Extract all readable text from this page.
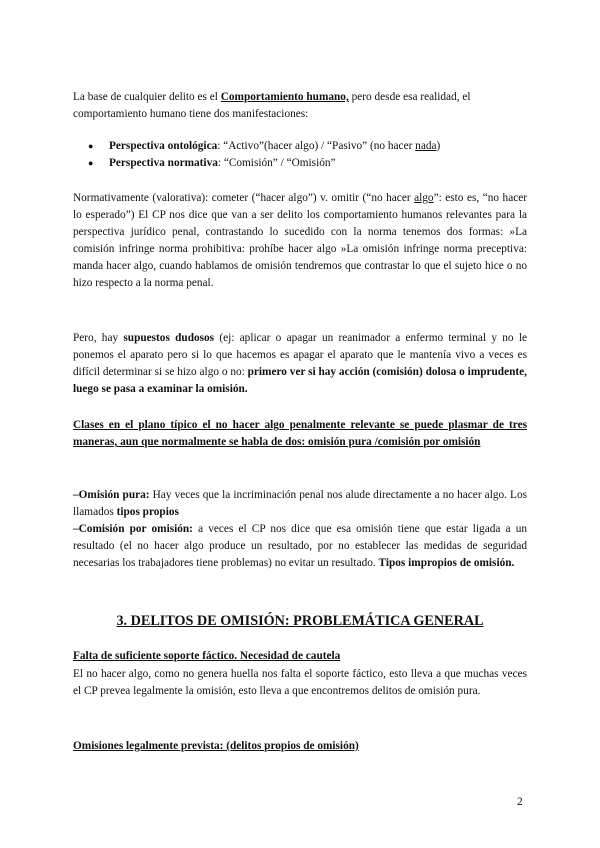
La base de cualquier delito es el Comportamiento humano, pero desde esa realidad, el comportamiento humano tiene dos manifestaciones:
● Perspectiva ontológica: “Activo”(hacer algo) / “Pasivo” (no hacer nada)
● Perspectiva normativa: “Comisión” / “Omisión”
Normativamente (valorativa): cometer (“hacer algo”) v. omitir (“no hacer algo”: esto es, “no hacer lo esperado”) El CP nos dice que van a ser delito los comportamiento humanos relevantes para la perspectiva jurídico penal, contrastando lo sucedido con la norma tenemos dos formas: »La comisión infringe norma prohibitiva: prohíbe hacer algo »La omisión infringe norma preceptiva: manda hacer algo, cuando hablamos de omisión tendremos que contrastar lo que el sujeto hice o no hizo respecto a la norma penal.
Pero, hay supuestos dudosos (ej: aplicar o apagar un reanimador a enfermo terminal y no le ponemos el aparato pero si lo que hacemos es apagar el aparato que le mantenía vivo a veces es difícil determinar si se hizo algo o no: primero ver si hay acción (comisión) dolosa o imprudente, luego se pasa a examinar la omisión.
Clases en el plano típico el no hacer algo penalmente relevante se puede plasmar de tres maneras, aun que normalmente se habla de dos: omisión pura /comisión por omisión
–Omisión pura: Hay veces que la incriminación penal nos alude directamente a no hacer algo. Los llamados tipos propios
–Comisión por omisión: a veces el CP nos dice que esa omisión tiene que estar ligada a un resultado (el no hacer algo produce un resultado, por no establecer las medidas de seguridad necesarias los trabajadores tiene problemas) no evitar un resultado. Tipos impropios de omisión.
3. DELITOS DE OMISIÓN: PROBLEMÁTICA GENERAL
Falta de suficiente soporte fáctico. Necesidad de cautela
El no hacer algo, como no genera huella nos falta el soporte fáctico, esto lleva a que muchas veces el CP prevea legalmente la omisión, esto lleva a que encontremos delitos de omisión pura.
Omisiones legalmente prevista: (delitos propios de omisión)
2
